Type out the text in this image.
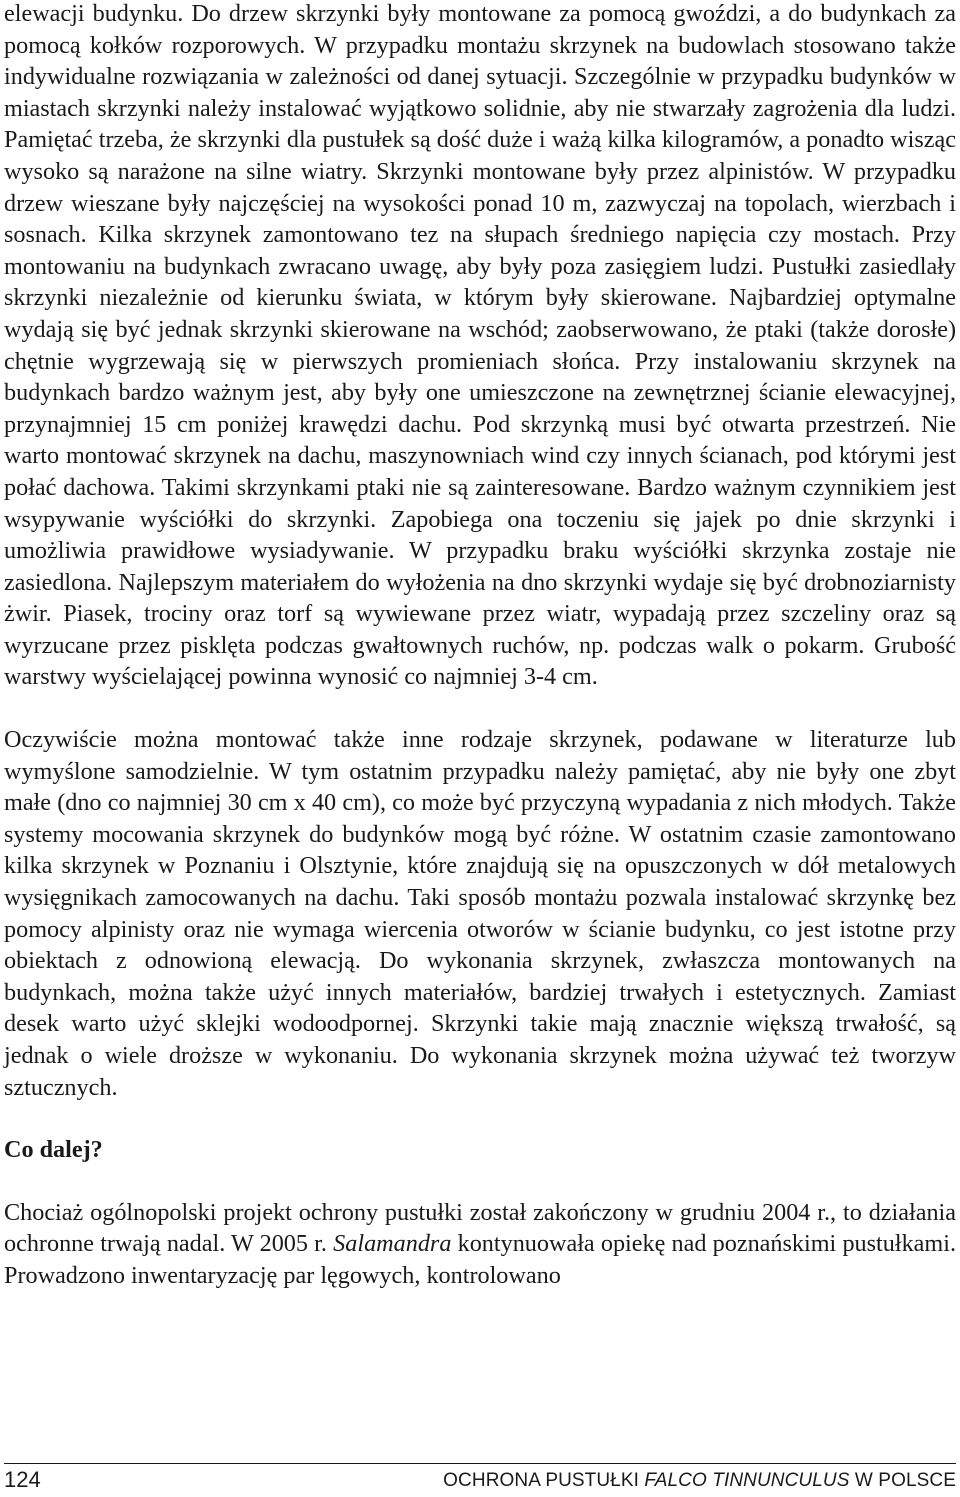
elewacji budynku. Do drzew skrzynki były montowane za pomocą gwoździ, a do budynkach za pomocą kołków rozporowych. W przypadku montażu skrzynek na budowlach stosowano także indywidualne rozwiązania w zależności od danej sytuacji. Szczególnie w przypadku budynków w miastach skrzynki należy instalować wyjątkowo solidnie, aby nie stwarzały zagrożenia dla ludzi. Pamiętać trzeba, że skrzynki dla pustułek są dość duże i ważą kilka kilogramów, a ponadto wisząc wysoko są narażone na silne wiatry. Skrzynki montowane były przez alpinistów. W przypadku drzew wieszane były najczęściej na wysokości ponad 10 m, zazwyczaj na topolach, wierzbach i sosnach. Kilka skrzynek zamontowano tez na słupach średniego napięcia czy mostach. Przy montowaniu na budynkach zwracano uwagę, aby były poza zasięgiem ludzi. Pustułki zasiedlały skrzynki niezależnie od kierunku świata, w którym były skierowane. Najbardziej optymalne wydają się być jednak skrzynki skierowane na wschód; zaobserwowano, że ptaki (także dorosłe) chętnie wygrzewają się w pierwszych promieniach słońca. Przy instalowaniu skrzynek na budynkach bardzo ważnym jest, aby były one umieszczone na zewnętrznej ścianie elewacyjnej, przynajmniej 15 cm poniżej krawędzi dachu. Pod skrzynką musi być otwarta przestrzeń. Nie warto montować skrzynek na dachu, maszynowniach wind czy innych ścianach, pod którymi jest połać dachowa. Takimi skrzynkami ptaki nie są zainteresowane. Bardzo ważnym czynnikiem jest wsypywanie wyściółki do skrzynki. Zapobiega ona toczeniu się jajek po dnie skrzynki i umożliwia prawidłowe wysiadywanie. W przypadku braku wyściółki skrzynka zostaje nie zasiedlona. Najlepszym materiałem do wyłożenia na dno skrzynki wydaje się być drobnoziarnisty żwir. Piasek, trociny oraz torf są wywiewane przez wiatr, wypadają przez szczeliny oraz są wyrzucane przez pisklęta podczas gwałtownych ruchów, np. podczas walk o pokarm. Grubość warstwy wyścielającej powinna wynosić co najmniej 3-4 cm.

Oczywiście można montować także inne rodzaje skrzynek, podawane w literaturze lub wymyślone samodzielnie. W tym ostatnim przypadku należy pamiętać, aby nie były one zbyt małe (dno co najmniej 30 cm x 40 cm), co może być przyczyną wypadania z nich młodych. Także systemy mocowania skrzynek do budynków mogą być różne. W ostatnim czasie zamontowano kilka skrzynek w Poznaniu i Olsztynie, które znajdują się na opuszczonych w dół metalowych wysięgnikach zamocowanych na dachu. Taki sposób montażu pozwala instalować skrzynkę bez pomocy alpinisty oraz nie wymaga wiercenia otworów w ścianie budynku, co jest istotne przy obiektach z odnowioną elewacją. Do wykonania skrzynek, zwłaszcza montowanych na budynkach, można także użyć innych materiałów, bardziej trwałych i estetycznych. Zamiast desek warto użyć sklejki wodoodpornej. Skrzynki takie mają znacznie większą trwałość, są jednak o wiele droższe w wykonaniu. Do wykonania skrzynek można używać też tworzyw sztucznych.

Co dalej?

Chociaż ogólnopolski projekt ochrony pustułki został zakończony w grudniu 2004 r., to działania ochronne trwają nadal. W 2005 r. Salamandra kontynuowała opiekę nad poznańskimi pustułkami. Prowadzono inwentaryzację par lęgowych, kontrolowano

124	OCHRONA PUSTUŁKI FALCO TINNUNCULUS W POLSCE
